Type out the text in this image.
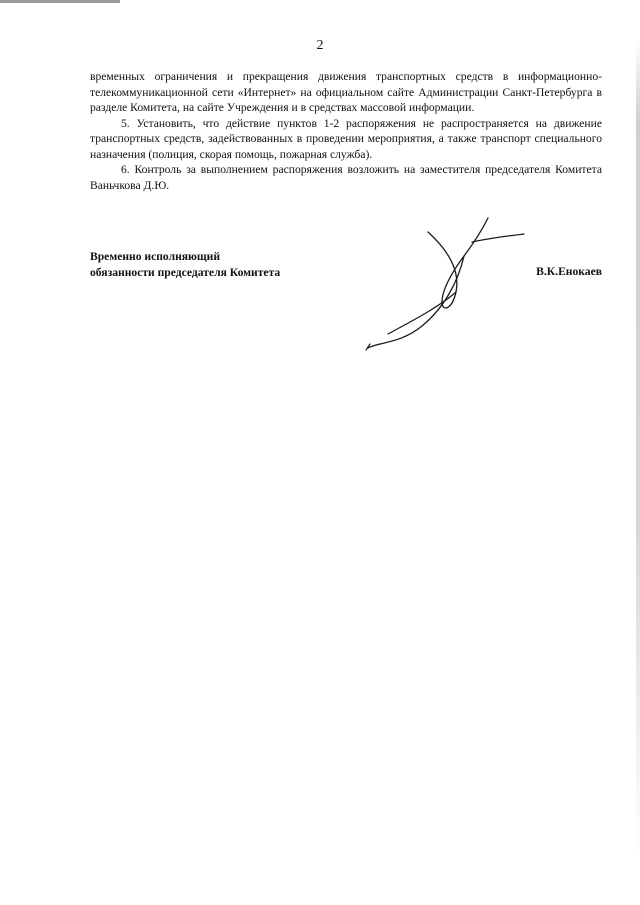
2

временных ограничения и прекращения движения транспортных средств в информационно-телекоммуникационной сети «Интернет» на официальном сайте Администрации Санкт-Петербурга в разделе Комитета, на сайте Учреждения и в средствах массовой информации.

5. Установить, что действие пунктов 1-2 распоряжения не распространяется на движение транспортных средств, задействованных в проведении мероприятия, а также транспорт специального назначения (полиция, скорая помощь, пожарная служба).

6. Контроль за выполнением распоряжения возложить на заместителя председателя Комитета Ваньчкова Д.Ю.

Временно исполняющий
обязанности председателя Комитета	В.К.Енокаев
